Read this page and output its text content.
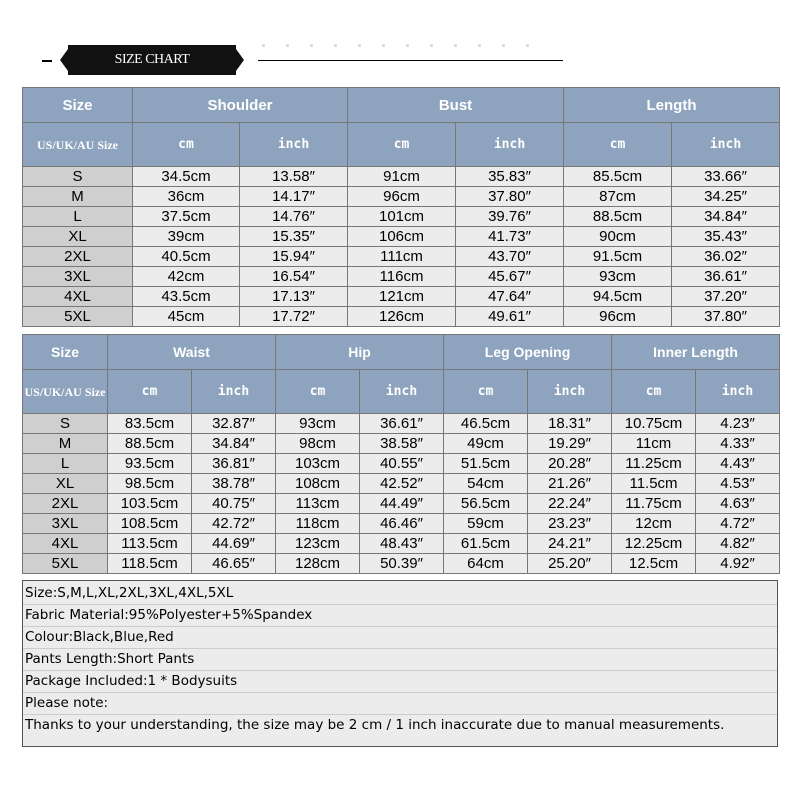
SIZE CHART
Size	Shoulder		Bust		Length	
US/UK/AU Size	cm	inch	cm	inch	cm	inch
S	34.5cm	13.58″	91cm	35.83″	85.5cm	33.66″
M	36cm	14.17″	96cm	37.80″	87cm	34.25″
L	37.5cm	14.76″	101cm	39.76″	88.5cm	34.84″
XL	39cm	15.35″	106cm	41.73″	90cm	35.43″
2XL	40.5cm	15.94″	111cm	43.70″	91.5cm	36.02″
3XL	42cm	16.54″	116cm	45.67″	93cm	36.61″
4XL	43.5cm	17.13″	121cm	47.64″	94.5cm	37.20″
5XL	45cm	17.72″	126cm	49.61″	96cm	37.80″
Size	Waist		Hip		Leg Opening		Inner Length	
US/UK/AU Size	cm	inch	cm	inch	cm	inch	cm	inch
S	83.5cm	32.87″	93cm	36.61″	46.5cm	18.31″	10.75cm	4.23″
M	88.5cm	34.84″	98cm	38.58″	49cm	19.29″	11cm	4.33″
L	93.5cm	36.81″	103cm	40.55″	51.5cm	20.28″	11.25cm	4.43″
XL	98.5cm	38.78″	108cm	42.52″	54cm	21.26″	11.5cm	4.53″
2XL	103.5cm	40.75″	113cm	44.49″	56.5cm	22.24″	11.75cm	4.63″
3XL	108.5cm	42.72″	118cm	46.46″	59cm	23.23″	12cm	4.72″
4XL	113.5cm	44.69″	123cm	48.43″	61.5cm	24.21″	12.25cm	4.82″
5XL	118.5cm	46.65″	128cm	50.39″	64cm	25.20″	12.5cm	4.92″
Size:S,M,L,XL,2XL,3XL,4XL,5XL
Fabric Material:95%Polyester+5%Spandex
Colour:Black,Blue,Red
Pants Length:Short Pants
Package Included:1 * Bodysuits
Please note:
Thanks to your understanding, the size may be 2 cm / 1 inch inaccurate due to manual measurements.
